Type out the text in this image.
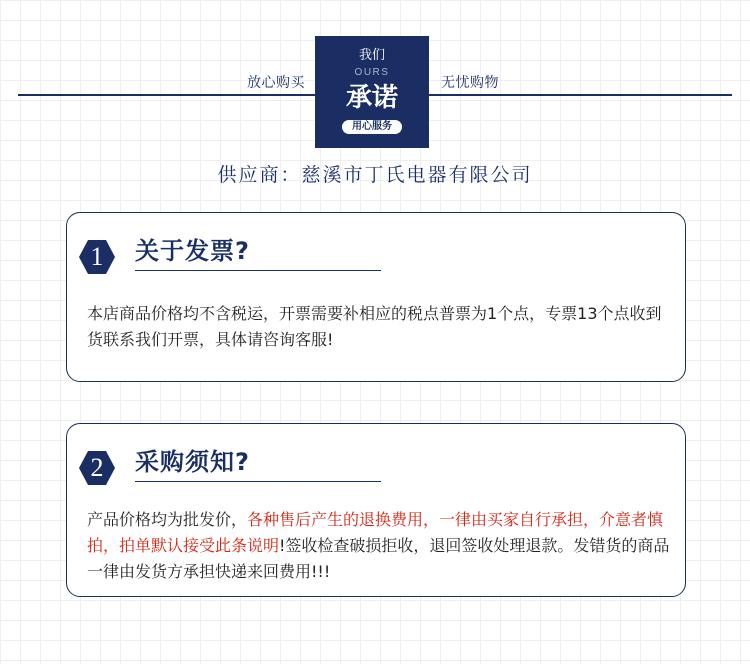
放心购买	无忧购物
我们
OURS
承诺
用心服务
供应商：慈溪市丁氏电器有限公司
1	关于发票?
本店商品价格均不含税运，开票需要补相应的税点普票为1个点，专票13个点收到货联系我们开票，具体请咨询客服!
2	采购须知?
产品价格均为批发价，各种售后产生的退换费用，一律由买家自行承担，介意者慎拍，拍单默认接受此条说明!签收检查破损拒收，退回签收处理退款。发错货的商品一律由发货方承担快递来回费用!!!
